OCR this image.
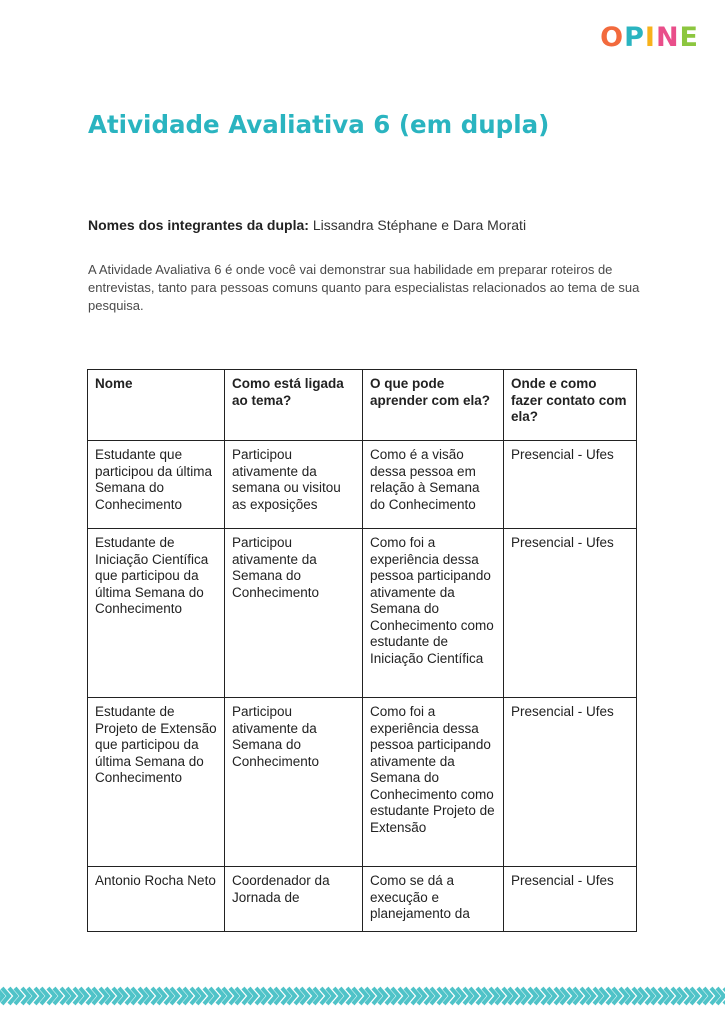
OPINE
Atividade Avaliativa 6 (em dupla)
Nomes dos integrantes da dupla: Lissandra Stéphane e Dara Morati

A Atividade Avaliativa 6 é onde você vai demonstrar sua habilidade em preparar roteiros de entrevistas, tanto para pessoas comuns quanto para especialistas relacionados ao tema de sua pesquisa.

Nome	Como está ligada ao tema?	O que pode aprender com ela?	Onde e como fazer contato com ela?
Estudante que participou da última Semana do Conhecimento	Participou ativamente da semana ou visitou as exposições	Como é a visão dessa pessoa em relação à Semana do Conhecimento	Presencial - Ufes
Estudante de Iniciação Científica que participou da última Semana do Conhecimento	Participou ativamente da Semana do Conhecimento	Como foi a experiência dessa pessoa participando ativamente da Semana do Conhecimento como estudante de Iniciação Científica	Presencial - Ufes
Estudante de Projeto de Extensão que participou da última Semana do Conhecimento	Participou ativamente da Semana do Conhecimento	Como foi a experiência dessa pessoa participando ativamente da Semana do Conhecimento como estudante Projeto de Extensão	Presencial - Ufes
Antonio Rocha Neto	Coordenador da Jornada de	Como se dá a execução e planejamento da	Presencial - Ufes
